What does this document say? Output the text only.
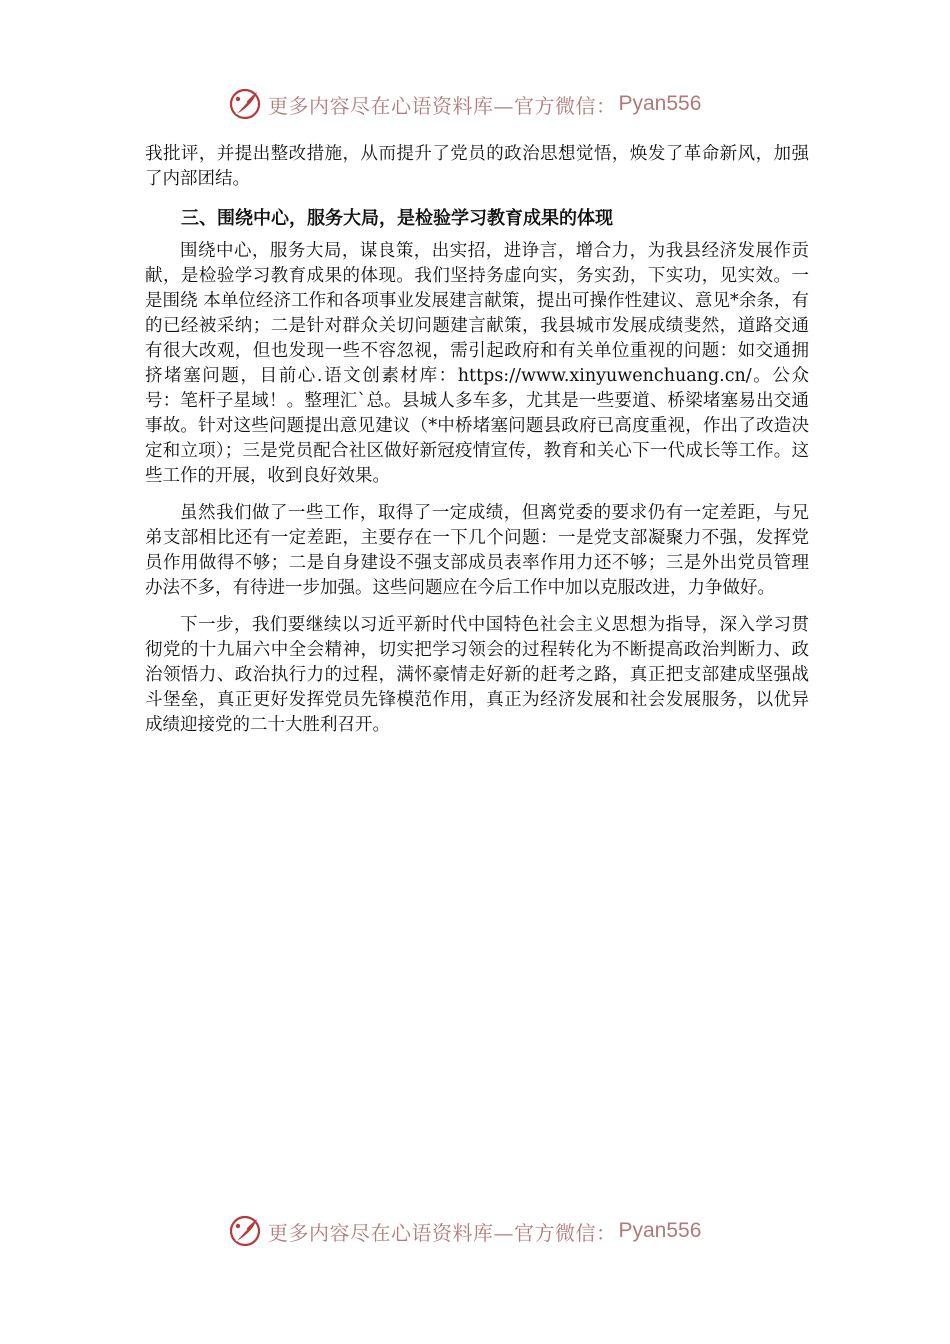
更多内容尽在心语资料库—官方微信： Pyan556

我批评，并提出整改措施，从而提升了党员的政治思想觉悟，焕发了革命新风，加强了内部团结。

三、围绕中心，服务大局，是检验学习教育成果的体现

围绕中心，服务大局，谋良策，出实招，进诤言，增合力，为我县经济发展作贡献，是检验学习教育成果的体现。我们坚持务虚向实，务实劲，下实功，见实效。一是围绕 本单位经济工作和各项事业发展建言献策，提出可操作性建议、意见*余条，有的已经被采纳；二是针对群众关切问题建言献策，我县城市发展成绩斐然，道路交通有很大改观，但也发现一些不容忽视，需引起政府和有关单位重视的问题：如交通拥挤堵塞问题，目前心.语文创素材库：https://www.xinyuwenchuang.cn/。公众号：笔杆子星域！。整理汇`总。县城人多车多，尤其是一些要道、桥梁堵塞易出交通事故。针对这些问题提出意见建议（*中桥堵塞问题县政府已高度重视，作出了改造决定和立项）；三是党员配合社区做好新冠疫情宣传，教育和关心下一代成长等工作。这些工作的开展，收到良好效果。

虽然我们做了一些工作，取得了一定成绩，但离党委的要求仍有一定差距，与兄弟支部相比还有一定差距，主要存在一下几个问题：一是党支部凝聚力不强，发挥党员作用做得不够；二是自身建设不强支部成员表率作用力还不够；三是外出党员管理办法不多，有待进一步加强。这些问题应在今后工作中加以克服改进，力争做好。

下一步，我们要继续以习近平新时代中国特色社会主义思想为指导，深入学习贯彻党的十九届六中全会精神，切实把学习领会的过程转化为不断提高政治判断力、政治领悟力、政治执行力的过程，满怀豪情走好新的赶考之路，真正把支部建成坚强战斗堡垒，真正更好发挥党员先锋模范作用，真正为经济发展和社会发展服务，以优异成绩迎接党的二十大胜利召开。

更多内容尽在心语资料库—官方微信： Pyan556
